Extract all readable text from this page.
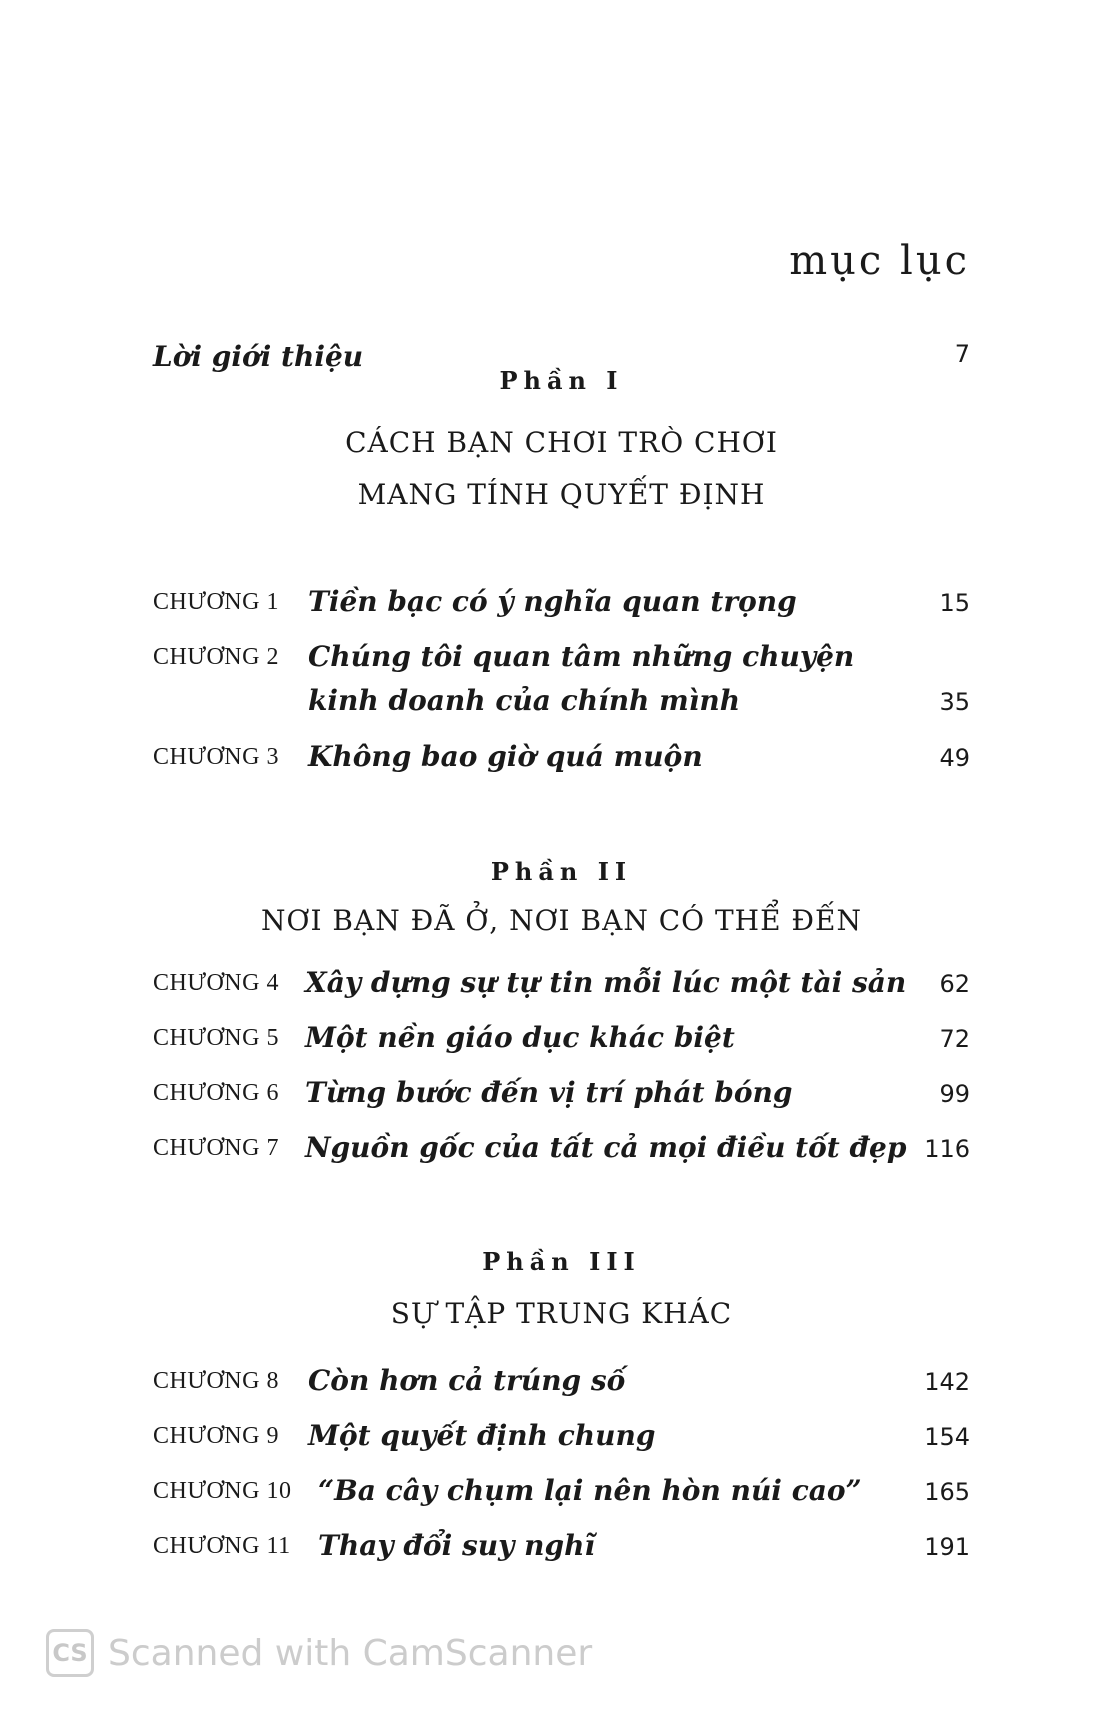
mục lục
Lời giới thiệu	7
Phần I
CÁCH BẠN CHƠI TRÒ CHƠI
MANG TÍNH QUYẾT ĐỊNH
CHƯƠNG 1 Tiền bạc có ý nghĩa quan trọng	15
CHƯƠNG 2 Chúng tôi quan tâm những chuyện
kinh doanh của chính mình	35
CHƯƠNG 3 Không bao giờ quá muộn	49
Phần II
NƠI BẠN ĐÃ Ở, NƠI BẠN CÓ THỂ ĐẾN
CHƯƠNG 4 Xây dựng sự tự tin mỗi lúc một tài sản 62
CHƯƠNG 5 Một nền giáo dục khác biệt	72
CHƯƠNG 6 Từng bước đến vị trí phát bóng	99
CHƯƠNG 7 Nguồn gốc của tất cả mọi điều tốt đẹp 116
Phần III
SỰ TẬP TRUNG KHÁC
CHƯƠNG 8 Còn hơn cả trúng số	142
CHƯƠNG 9 Một quyết định chung	154
CHƯƠNG 10 “Ba cây chụm lại nên hòn núi cao”	165
CHƯƠNG 11 Thay đổi suy nghĩ	191
CS Scanned with CamScanner
